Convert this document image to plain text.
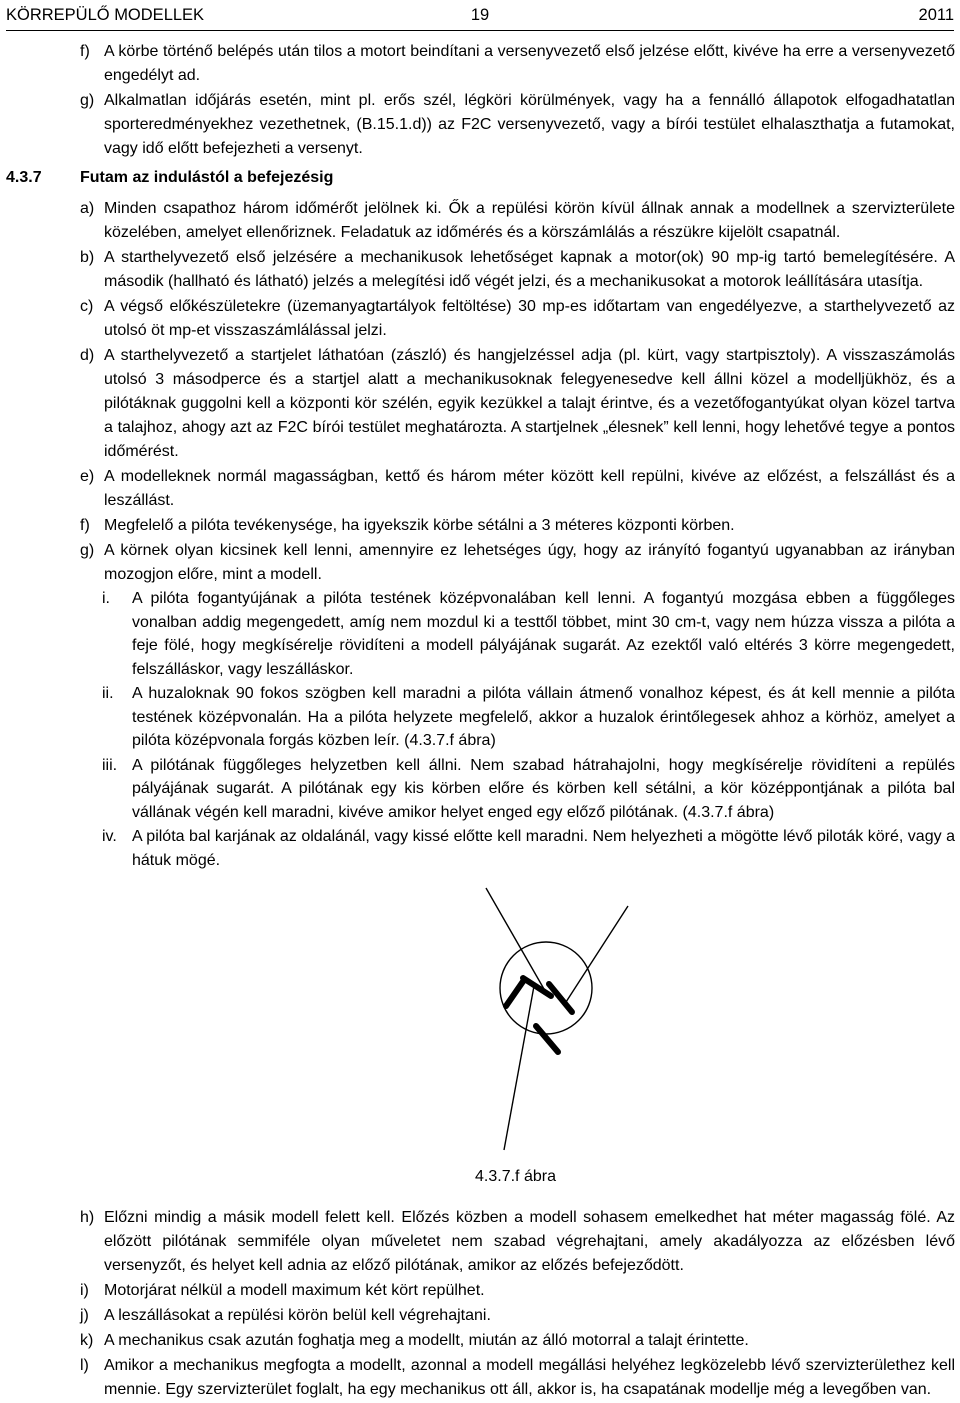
KÖRREPÜLŐ MODELLEK	19	2011
f) A körbe történő belépés után tilos a motort beindítani a versenyvezető első jelzése előtt, kivéve ha erre a versenyvezető engedélyt ad.
g) Alkalmatlan időjárás esetén, mint pl. erős szél, légköri körülmények, vagy ha a fennálló állapotok elfogadhatatlan sporteredményekhez vezethetnek, (B.15.1.d)) az F2C versenyvezető, vagy a bírói testület elhalaszthatja a futamokat, vagy idő előtt befejezheti a versenyt.
4.3.7 Futam az indulástól a befejezésig
a) Minden csapathoz három időmérőt jelölnek ki. Ők a repülési körön kívül állnak annak a modellnek a szervizterülete közelében, amelyet ellenőriznek. Feladatuk az időmérés és a körszámlálás a részükre kijelölt csapatnál.
b) A starthelyvezető első jelzésére a mechanikusok lehetőséget kapnak a motor(ok) 90 mp-ig tartó bemelegítésére. A második (hallható és látható) jelzés a melegítési idő végét jelzi, és a mechanikusokat a motorok leállítására utasítja.
c) A végső előkészületekre (üzemanyagtartályok feltöltése) 30 mp-es időtartam van engedélyezve, a starthelyvezető az utolsó öt mp-et visszaszámlálással jelzi.
d) A starthelyvezető a startjelet láthatóan (zászló) és hangjelzéssel adja (pl. kürt, vagy startpisztoly). A visszaszámolás utolsó 3 másodperce és a startjel alatt a mechanikusoknak felegyenesedve kell állni közel a modelljükhöz, és a pilótáknak guggolni kell a központi kör szélén, egyik kezükkel a talajt érintve, és a vezetőfogantyúkat olyan közel tartva a talajhoz, ahogy azt az F2C bírói testület meghatározta. A startjelnek „élesnek” kell lenni, hogy lehetővé tegye a pontos időmérést.
e) A modelleknek normál magasságban, kettő és három méter között kell repülni, kivéve az előzést, a felszállást és a leszállást.
f) Megfelelő a pilóta tevékenysége, ha igyekszik körbe sétálni a 3 méteres központi körben.
g) A körnek olyan kicsinek kell lenni, amennyire ez lehetséges úgy, hogy az irányító fogantyú ugyanabban az irányban mozogjon előre, mint a modell.
i. A pilóta fogantyújának a pilóta testének középvonalában kell lenni. A fogantyú mozgása ebben a függőleges vonalban addig megengedett, amíg nem mozdul ki a testtől többet, mint 30 cm-t, vagy nem húzza vissza a pilóta a feje fölé, hogy megkísérelje rövidíteni a modell pályájának sugarát. Az ezektől való eltérés 3 körre megengedett, felszálláskor, vagy leszálláskor.
ii. A huzaloknak 90 fokos szögben kell maradni a pilóta vállain átmenő vonalhoz képest, és át kell mennie a pilóta testének középvonalán. Ha a pilóta helyzete megfelelő, akkor a huzalok érintőlegesek ahhoz a körhöz, amelyet a pilóta középvonala forgás közben leír. (4.3.7.f ábra)
iii. A pilótának függőleges helyzetben kell állni. Nem szabad hátrahajolni, hogy megkísérelje rövidíteni a repülés pályájának sugarát. A pilótának egy kis körben előre és körben kell sétálni, a kör középpontjának a pilóta bal vállának végén kell maradni, kivéve amikor helyet enged egy előző pilótának. (4.3.7.f ábra)
iv. A pilóta bal karjának az oldalánál, vagy kissé előtte kell maradni. Nem helyezheti a mögötte lévő piloták köré, vagy a hátuk mögé.
4.3.7.f ábra
h) Előzni mindig a másik modell felett kell. Előzés közben a modell sohasem emelkedhet hat méter magasság fölé. Az előzött pilótának semmiféle olyan műveletet nem szabad végrehajtani, amely akadályozza az előzésben lévő versenyzőt, és helyet kell adnia az előző pilótának, amikor az előzés befejeződött.
i) Motorjárat nélkül a modell maximum két kört repülhet.
j) A leszállásokat a repülési körön belül kell végrehajtani.
k) A mechanikus csak azután foghatja meg a modellt, miután az álló motorral a talajt érintette.
l) Amikor a mechanikus megfogta a modellt, azonnal a modell megállási helyéhez legközelebb lévő szervizterülethez kell mennie. Egy szervizterület foglalt, ha egy mechanikus ott áll, akkor is, ha csapatának modellje még a levegőben van.
